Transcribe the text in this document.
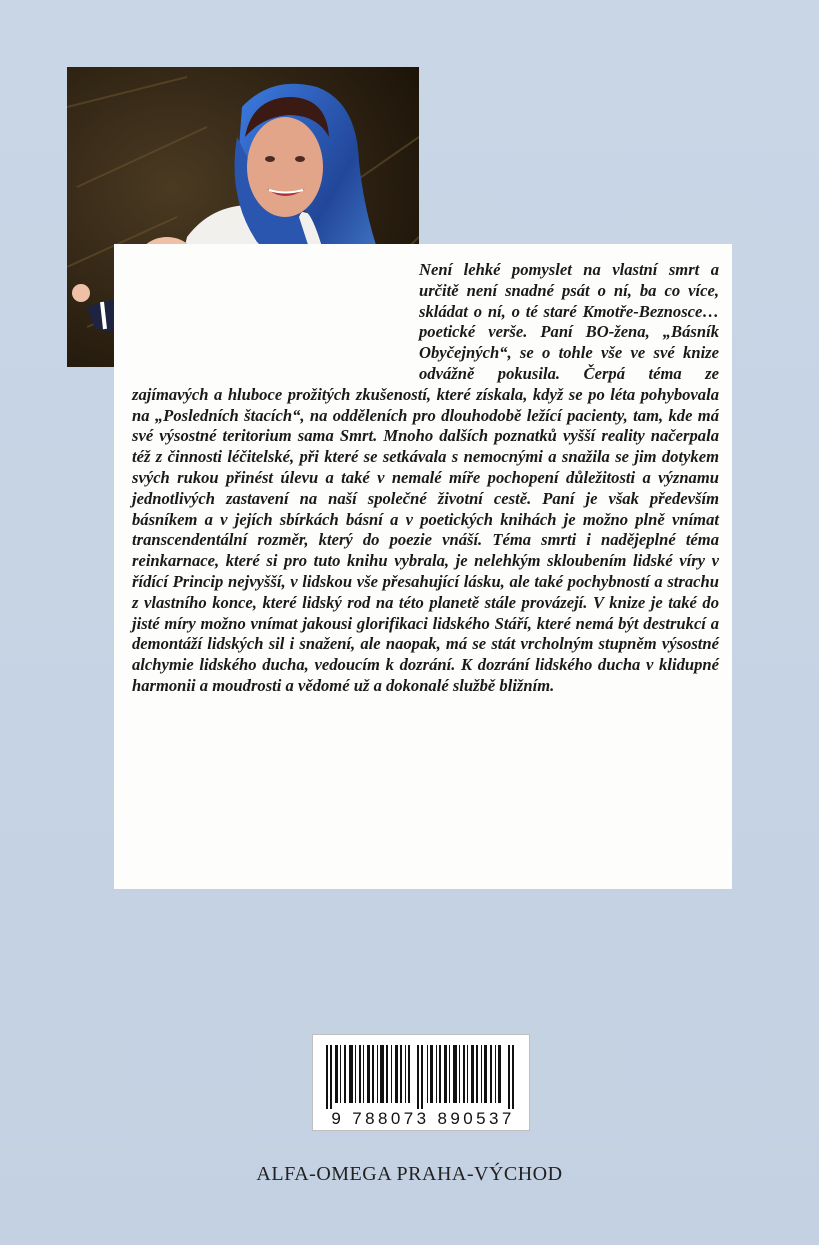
Není lehké pomyslet na vlastní smrt a určitě není snadné psát o ní, ba co více, skládat o ní, o té staré Kmotře-Beznosce… poetické verše. Paní BO-žena, „Básník Obyčejných“, se o tohle vše ve své knize odvážně pokusila. Čerpá téma ze zajímavých a hluboce prožitých zkušeností, které získala, když se po léta pohybovala na „Posledních štacích“, na odděleních pro dlouhodobě ležící pacienty, tam, kde má své výsostné teritorium sama Smrt. Mnoho dalších poznatků vyšší reality načerpala též z činnosti léčitelské, při které se setkávala s nemocnými a snažila se jim dotykem svých rukou přinést úlevu a také v nemalé míře pochopení důležitosti a významu jednotlivých zastavení na naší společné životní cestě. Paní je však především básníkem a v jejích sbírkách básní a v poetických knihách je možno plně vnímat transcendentální rozměr, který do poezie vnáší. Téma smrti i nadějeplné téma reinkarnace, které si pro tuto knihu vybrala, je nelehkým skloubením lidské víry v řídící Princip nejvyšší, v lidskou vše přesahující lásku, ale také pochybností a strachu z vlastního konce, které lidský rod na této planetě stále provázejí. V knize je také do jisté míry možno vnímat jakousi glorifikaci lidského Stáří, které nemá být destrukcí a demontáží lidských sil i snažení, ale naopak, má se stát vrcholným stupněm výsostné alchymie lidského ducha, vedoucím k dozrání. K dozrání lidského ducha v klidupné harmonii a moudrosti a vědomé už a dokonalé službě bližním.

9 788073 890537
ALFA-OMEGA PRAHA-VÝCHOD
